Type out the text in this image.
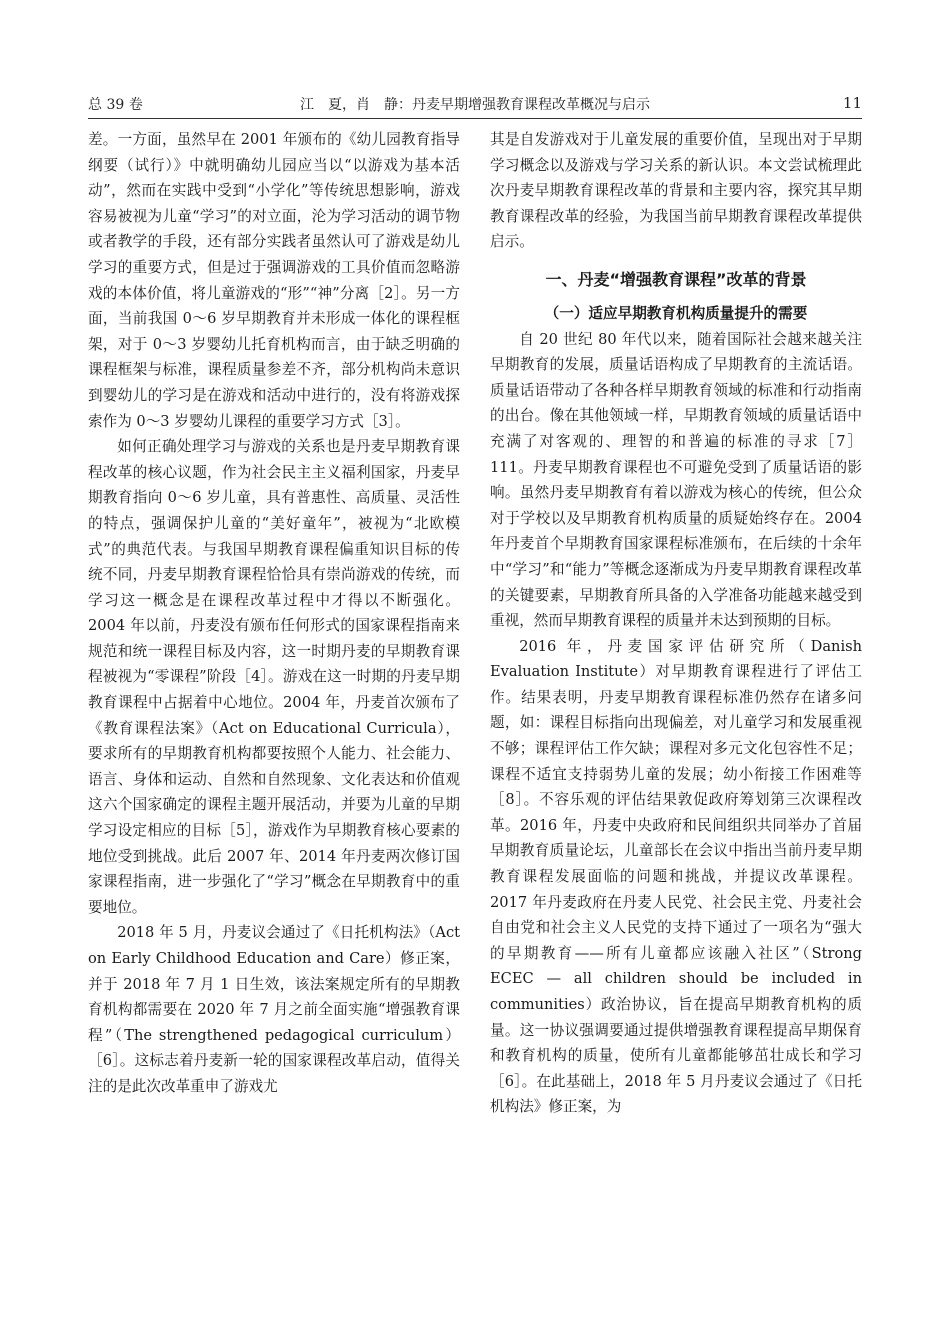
总 39 卷	江　夏，肖　静：丹麦早期增强教育课程改革概况与启示	11

差。一方面，虽然早在 2001 年颁布的《幼儿园教育指导纲要（试行）》中就明确幼儿园应当以“以游戏为基本活动”，然而在实践中受到“小学化”等传统思想影响，游戏容易被视为儿童“学习”的对立面，沦为学习活动的调节物或者教学的手段，还有部分实践者虽然认可了游戏是幼儿学习的重要方式，但是过于强调游戏的工具价值而忽略游戏的本体价值，将儿童游戏的“形”“神”分离［2］。另一方面，当前我国 0～6 岁早期教育并未形成一体化的课程框架，对于 0～3 岁婴幼儿托育机构而言，由于缺乏明确的课程框架与标准，课程质量参差不齐，部分机构尚未意识到婴幼儿的学习是在游戏和活动中进行的，没有将游戏探索作为 0～3 岁婴幼儿课程的重要学习方式［3］。

如何正确处理学习与游戏的关系也是丹麦早期教育课程改革的核心议题，作为社会民主主义福利国家，丹麦早期教育指向 0～6 岁儿童，具有普惠性、高质量、灵活性的特点，强调保护儿童的“美好童年”，被视为“北欧模式”的典范代表。与我国早期教育课程偏重知识目标的传统不同，丹麦早期教育课程恰恰具有崇尚游戏的传统，而学习这一概念是在课程改革过程中才得以不断强化。2004 年以前，丹麦没有颁布任何形式的国家课程指南来规范和统一课程目标及内容，这一时期丹麦的早期教育课程被视为“零课程”阶段［4］。游戏在这一时期的丹麦早期教育课程中占据着中心地位。2004 年，丹麦首次颁布了《教育课程法案》（Act on Educational Curricula），要求所有的早期教育机构都要按照个人能力、社会能力、语言、身体和运动、自然和自然现象、文化表达和价值观这六个国家确定的课程主题开展活动，并要为儿童的早期学习设定相应的目标［5］，游戏作为早期教育核心要素的地位受到挑战。此后 2007 年、2014 年丹麦两次修订国家课程指南，进一步强化了“学习”概念在早期教育中的重要地位。

2018 年 5 月，丹麦议会通过了《日托机构法》（Act on Early Childhood Education and Care）修正案，并于 2018 年 7 月 1 日生效，该法案规定所有的早期教育机构都需要在 2020 年 7 月之前全面实施“增强教育课程”（The strengthened pedagogical curriculum）［6］。这标志着丹麦新一轮的国家课程改革启动，值得关注的是此次改革重申了游戏尤

其是自发游戏对于儿童发展的重要价值，呈现出对于早期学习概念以及游戏与学习关系的新认识。本文尝试梳理此次丹麦早期教育课程改革的背景和主要内容，探究其早期教育课程改革的经验，为我国当前早期教育课程改革提供启示。

一、丹麦“增强教育课程”改革的背景
（一）适应早期教育机构质量提升的需要

自 20 世纪 80 年代以来，随着国际社会越来越关注早期教育的发展，质量话语构成了早期教育的主流话语。质量话语带动了各种各样早期教育领域的标准和行动指南的出台。像在其他领域一样，早期教育领域的质量话语中充满了对客观的、理智的和普遍的标准的寻求［7］111。丹麦早期教育课程也不可避免受到了质量话语的影响。虽然丹麦早期教育有着以游戏为核心的传统，但公众对于学校以及早期教育机构质量的质疑始终存在。2004 年丹麦首个早期教育国家课程标准颁布，在后续的十余年中“学习”和“能力”等概念逐渐成为丹麦早期教育课程改革的关键要素，早期教育所具备的入学准备功能越来越受到重视，然而早期教育课程的质量并未达到预期的目标。

2016 年，丹麦国家评估研究所（Danish Evaluation Institute）对早期教育课程进行了评估工作。结果表明，丹麦早期教育课程标准仍然存在诸多问题，如：课程目标指向出现偏差，对儿童学习和发展重视不够；课程评估工作欠缺；课程对多元文化包容性不足；课程不适宜支持弱势儿童的发展；幼小衔接工作困难等［8］。不容乐观的评估结果敦促政府筹划第三次课程改革。2016 年，丹麦中央政府和民间组织共同举办了首届早期教育质量论坛，儿童部长在会议中指出当前丹麦早期教育课程发展面临的问题和挑战，并提议改革课程。2017 年丹麦政府在丹麦人民党、社会民主党、丹麦社会自由党和社会主义人民党的支持下通过了一项名为“强大的早期教育——所有儿童都应该融入社区”（Strong ECEC — all children should be included in communities）政治协议，旨在提高早期教育机构的质量。这一协议强调要通过提供增强教育课程提高早期保育和教育机构的质量，使所有儿童都能够茁壮成长和学习［6］。在此基础上，2018 年 5 月丹麦议会通过了《日托机构法》修正案，为
